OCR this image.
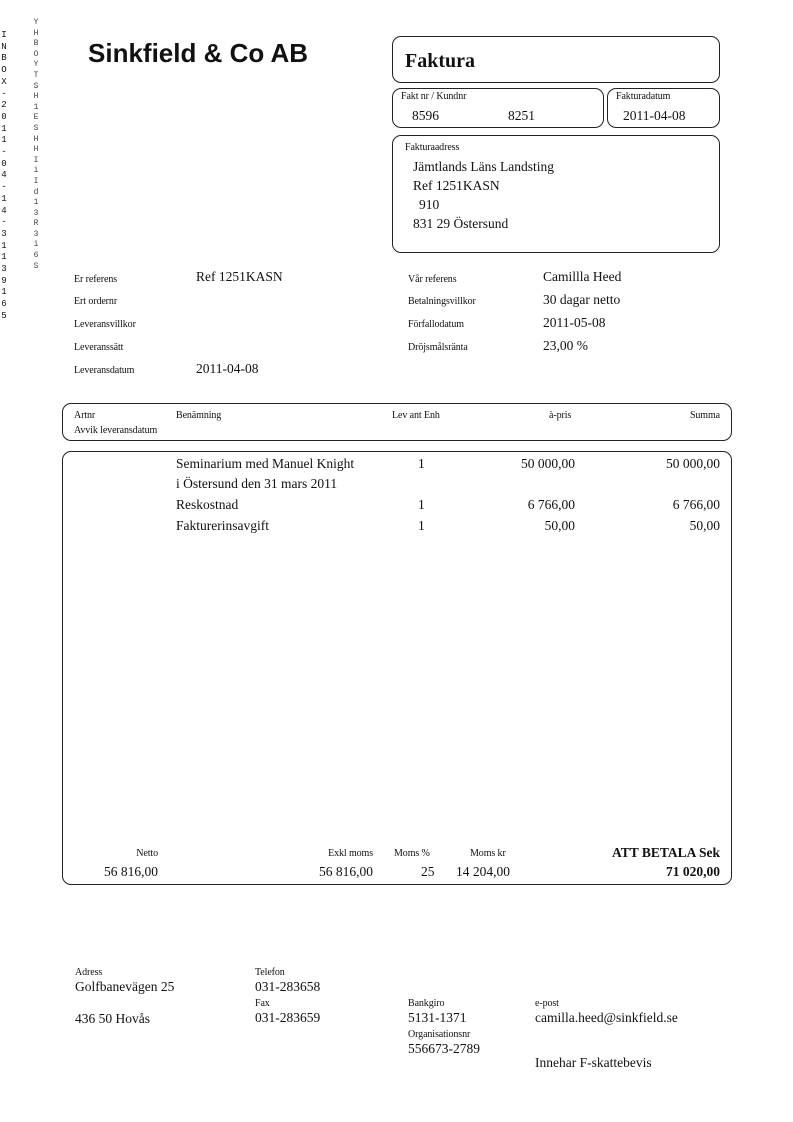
I
N
B
O
X
-
2
0
1
1
-
0
4
-
1
4
-
3
1
1
3
9
1
6
5
Y
H
B
O
Y
T
S
H
1
E
S
H
H
I
i
I
d
1
3
R
3
i
6
S
Sinkfield & Co AB	Faktura
Fakt nr / Kundnr
8596	8251
Fakturadatum
2011-04-08
Fakturaadress
Jämtlands Läns Landsting
Ref 1251KASN
910
831 29 Östersund
Er referens	Ref 1251KASN
Ert ordernr
Leveransvillkor
Leveranssätt
Leveransdatum	2011-04-08
Vår referens	Camillla Heed
Betalningsvillkor	30 dagar netto
Förfallodatum	2011-05-08
Dröjsmålsränta	23,00 %
Artnr	Benämning	Lev ant Enh	à-pris	Summa
Avvik leveransdatum
Seminarium med Manuel Knight	1	50 000,00	50 000,00
i Östersund den 31 mars 2011
Reskostnad	1	6 766,00	6 766,00
Fakturerinsavgift	1	50,00	50,00
Netto
56 816,00
Exkl moms
56 816,00
Moms %
25
Moms kr
14 204,00
ATT BETALA Sek
71 020,00
Adress
Golfbanevägen 25
436 50 Hovås
Telefon
031-283658
Fax
031-283659
Bankgiro
5131-1371
Organisationsnr
556673-2789
e-post
camilla.heed@sinkfield.se
Innehar F-skattebevis
